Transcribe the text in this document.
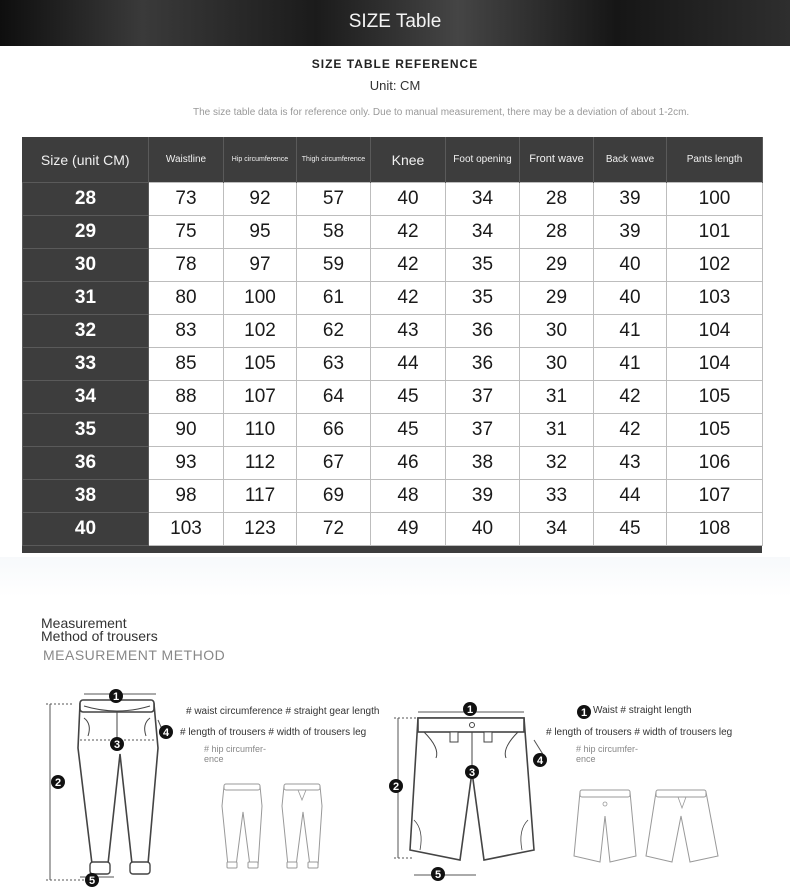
SIZE Table
SIZE TABLE REFERENCE
Unit: CM
The size table data is for reference only. Due to manual measurement, there may be a deviation of about 1-2cm.
Size (unit CM)	Waistline	Hip circumference	Thigh circumference	Knee	Foot opening	Front wave	Back wave	Pants length
28	73	92	57	40	34	28	39	100
29	75	95	58	42	34	28	39	101
30	78	97	59	42	35	29	40	102
31	80	100	61	42	35	29	40	103
32	83	102	62	43	36	30	41	104
33	85	105	63	44	36	30	41	104
34	88	107	64	45	37	31	42	105
35	90	110	66	45	37	31	42	105
36	93	112	67	46	38	32	43	106
38	98	117	69	48	39	33	44	107
40	103	123	72	49	40	34	45	108
Measurement
Method of trousers
MEASUREMENT METHOD
1
2
3
4
5
# waist circumference # straight gear length
# length of trousers # width of trousers leg
# hip circumfer-
ence
1
2
3
4
5
1 Waist # straight length
# length of trousers # width of trousers leg
# hip circumfer-
ence
